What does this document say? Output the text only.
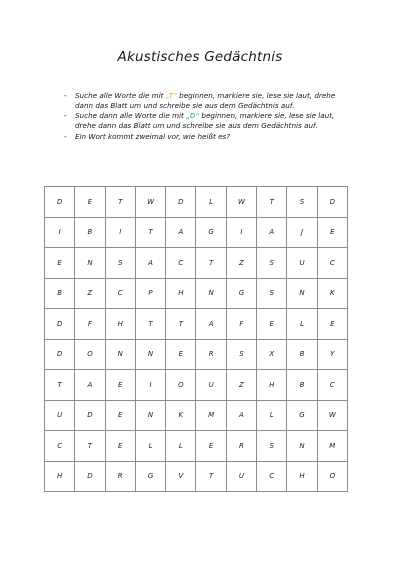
Akustisches Gedächtnis
- Suche alle Worte die mit „T“ beginnen, markiere sie, lese sie laut, drehe dann das Blatt um und schreibe sie aus dem Gedächtnis auf.
- Suche dann alle Worte die mit „D“ beginnen, markiere sie, lese sie laut, drehe dann das Blatt um und schreibe sie aus dem Gedächtnis auf.
- Ein Wort kommt zweimal vor, wie heißt es?
D	E	T	W	D	L	W	T	S	D
I	B	I	T	A	G	I	A	J	E
E	N	S	A	C	T	Z	S	U	C
B	Z	C	P	H	N	G	S	N	K
D	F	H	T	T	A	F	E	L	E
D	O	N	N	E	R	S	X	B	Y
T	A	E	I	O	U	Z	H	B	C
U	D	E	N	K	M	A	L	G	W
C	T	E	L	L	E	R	S	N	M
H	D	R	G	V	T	U	C	H	O
